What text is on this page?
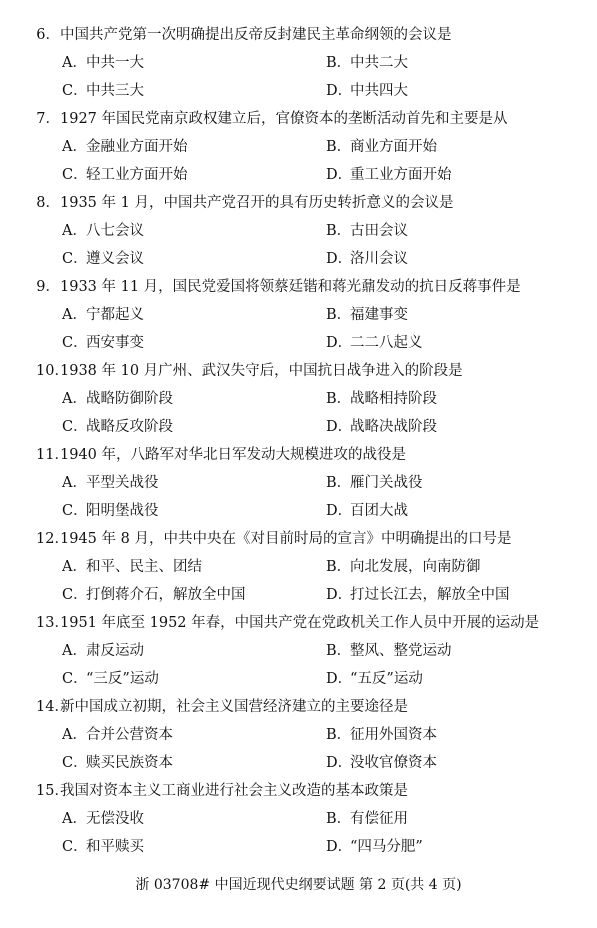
6．中国共产党第一次明确提出反帝反封建民主革命纲领的会议是
A．中共一大	B．中共二大
C．中共三大	D．中共四大
7．1927 年国民党南京政权建立后，官僚资本的垄断活动首先和主要是从
A．金融业方面开始	B．商业方面开始
C．轻工业方面开始	D．重工业方面开始
8．1935 年 1 月，中国共产党召开的具有历史转折意义的会议是
A．八七会议	B．古田会议
C．遵义会议	D．洛川会议
9．1933 年 11 月，国民党爱国将领蔡廷锴和蒋光鼐发动的抗日反蒋事件是
A．宁都起义	B．福建事变
C．西安事变	D．二二八起义
10．1938 年 10 月广州、武汉失守后，中国抗日战争进入的阶段是
A．战略防御阶段	B．战略相持阶段
C．战略反攻阶段	D．战略决战阶段
11．1940 年，八路军对华北日军发动大规模进攻的战役是
A．平型关战役	B．雁门关战役
C．阳明堡战役	D．百团大战
12．1945 年 8 月，中共中央在《对目前时局的宣言》中明确提出的口号是
A．和平、民主、团结	B．向北发展，向南防御
C．打倒蒋介石，解放全中国	D．打过长江去，解放全中国
13．1951 年底至 1952 年春，中国共产党在党政机关工作人员中开展的运动是
A．肃反运动	B．整风、整党运动
C．“三反”运动	D．“五反”运动
14．新中国成立初期，社会主义国营经济建立的主要途径是
A．合并公营资本	B．征用外国资本
C．赎买民族资本	D．没收官僚资本
15．我国对资本主义工商业进行社会主义改造的基本政策是
A．无偿没收	B．有偿征用
C．和平赎买	D．“四马分肥”
浙 03708# 中国近现代史纲要试题 第 2 页(共 4 页)
